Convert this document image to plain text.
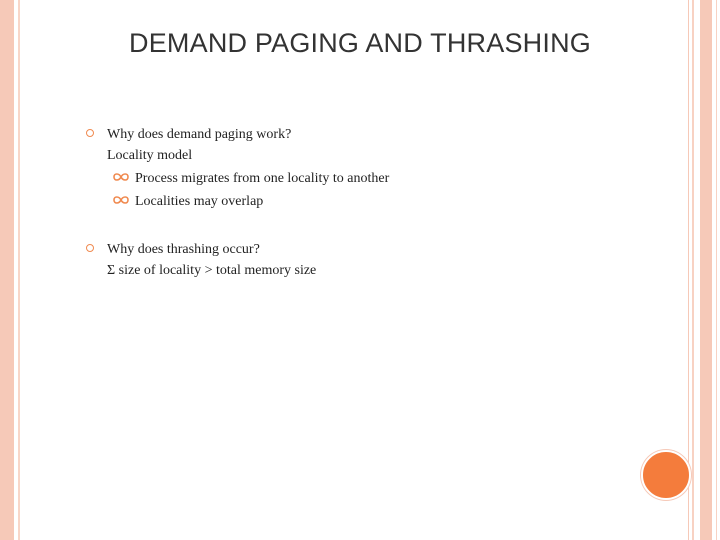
DEMAND PAGING AND THRASHING
Why does demand paging work?
Locality model
Process migrates from one locality to another
Localities may overlap
Why does thrashing occur?
Σ size of locality > total memory size
